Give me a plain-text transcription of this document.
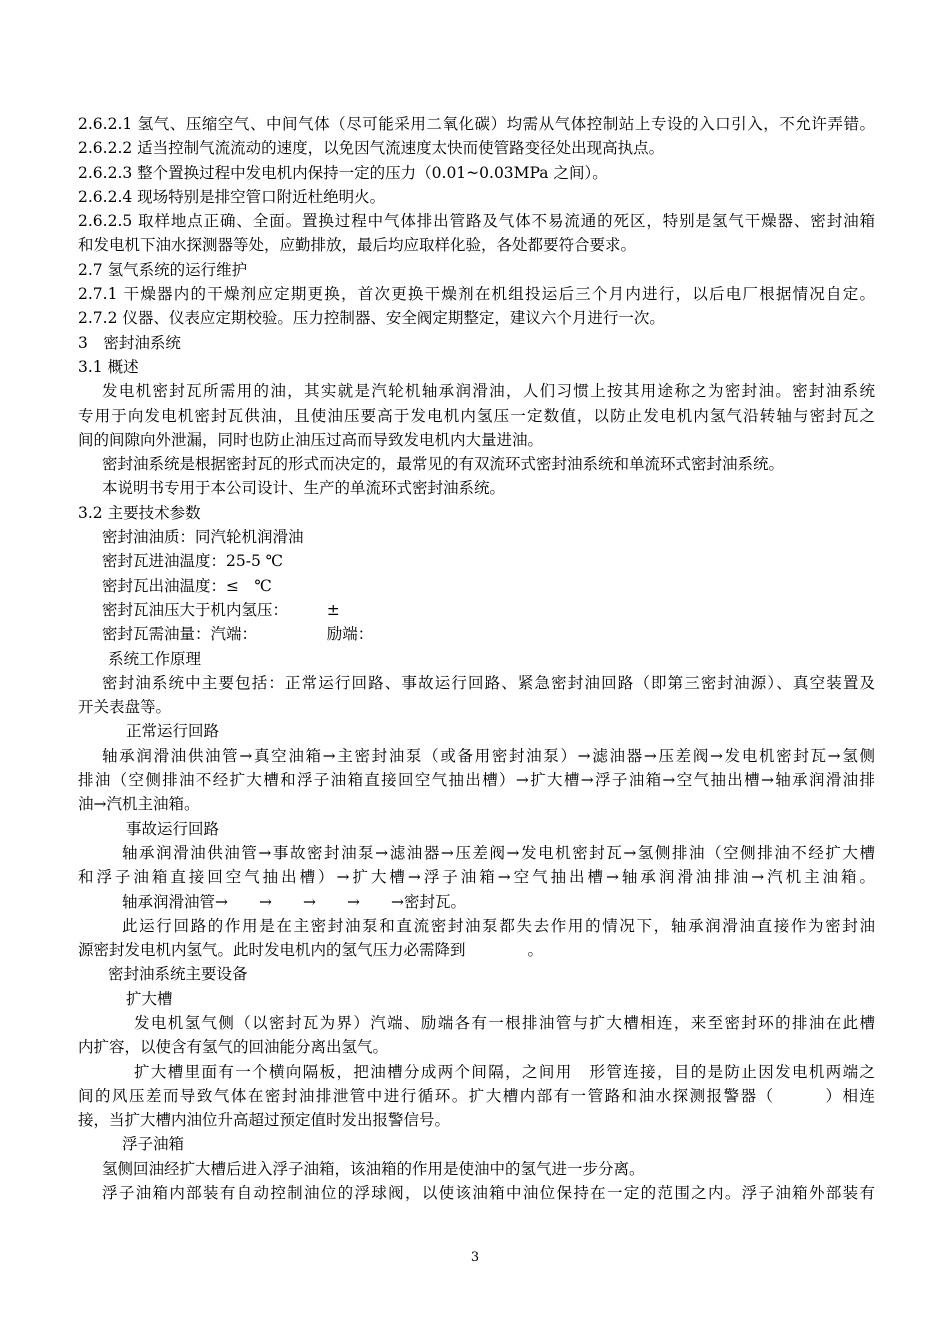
2.6.2.1 氢气、压缩空气、中间气体（尽可能采用二氧化碳）均需从气体控制站上专设的入口引入，不允许弄错。
2.6.2.2 适当控制气流流动的速度，以免因气流速度太快而使管路变径处出现高执点。
2.6.2.3 整个置换过程中发电机内保持一定的压力（0.01~0.03MPa 之间）。
2.6.2.4 现场特别是排空管口附近杜绝明火。
2.6.2.5 取样地点正确、全面。置换过程中气体排出管路及气体不易流通的死区，特别是氢气干燥器、密封油箱
和发电机下油水探测器等处，应勤排放，最后均应取样化验，各处都要符合要求。
2.7 氢气系统的运行维护
2.7.1 干燥器内的干燥剂应定期更换，首次更换干燥剂在机组投运后三个月内进行，以后电厂根据情况自定。
2.7.2 仪器、仪表应定期校验。压力控制器、安全阀定期整定，建议六个月进行一次。
3　密封油系统
3.1 概述
发电机密封瓦所需用的油，其实就是汽轮机轴承润滑油，人们习惯上按其用途称之为密封油。密封油系统
专用于向发电机密封瓦供油，且使油压要高于发电机内氢压一定数值，以防止发电机内氢气沿转轴与密封瓦之
间的间隙向外泄漏，同时也防止油压过高而导致发电机内大量进油。
密封油系统是根据密封瓦的形式而决定的，最常见的有双流环式密封油系统和单流环式密封油系统。
本说明书专用于本公司设计、生产的单流环式密封油系统。
3.2 主要技术参数
密封油油质：同汽轮机润滑油
密封瓦进油温度：25-5 ℃
密封瓦出油温度：≤　℃
密封瓦油压大于机内氢压：　　　±
密封瓦需油量：汽端：　　　　　励端：
系统工作原理
密封油系统中主要包括：正常运行回路、事故运行回路、紧急密封油回路（即第三密封油源）、真空装置及
开关表盘等。
正常运行回路
轴承润滑油供油管→真空油箱→主密封油泵（或备用密封油泵）→滤油器→压差阀→发电机密封瓦→氢侧
排油（空侧排油不经扩大槽和浮子油箱直接回空气抽出槽）→扩大槽→浮子油箱→空气抽出槽→轴承润滑油排
油→汽机主油箱。
事故运行回路
轴承润滑油供油管→事故密封油泵→滤油器→压差阀→发电机密封瓦→氢侧排油（空侧排油不经扩大槽
和浮子油箱直接回空气抽出槽）→扩大槽→浮子油箱→空气抽出槽→轴承润滑油排油→汽机主油箱。
轴承润滑油管→　　→　　→　　→　　→密封瓦。
此运行回路的作用是在主密封油泵和直流密封油泵都失去作用的情况下，轴承润滑油直接作为密封油
源密封发电机内氢气。此时发电机内的氢气压力必需降到　　　　。
密封油系统主要设备
扩大槽
发电机氢气侧（以密封瓦为界）汽端、励端各有一根排油管与扩大槽相连，来至密封环的排油在此槽
内扩容，以使含有氢气的回油能分离出氢气。
扩大槽里面有一个横向隔板，把油槽分成两个间隔，之间用　形管连接，目的是防止因发电机两端之
间的风压差而导致气体在密封油排泄管中进行循环。扩大槽内部有一管路和油水探测报警器（　　　）相连
接，当扩大槽内油位升高超过预定值时发出报警信号。
浮子油箱
氢侧回油经扩大槽后进入浮子油箱，该油箱的作用是使油中的氢气进一步分离。
浮子油箱内部装有自动控制油位的浮球阀，以使该油箱中油位保持在一定的范围之内。浮子油箱外部装有
3
